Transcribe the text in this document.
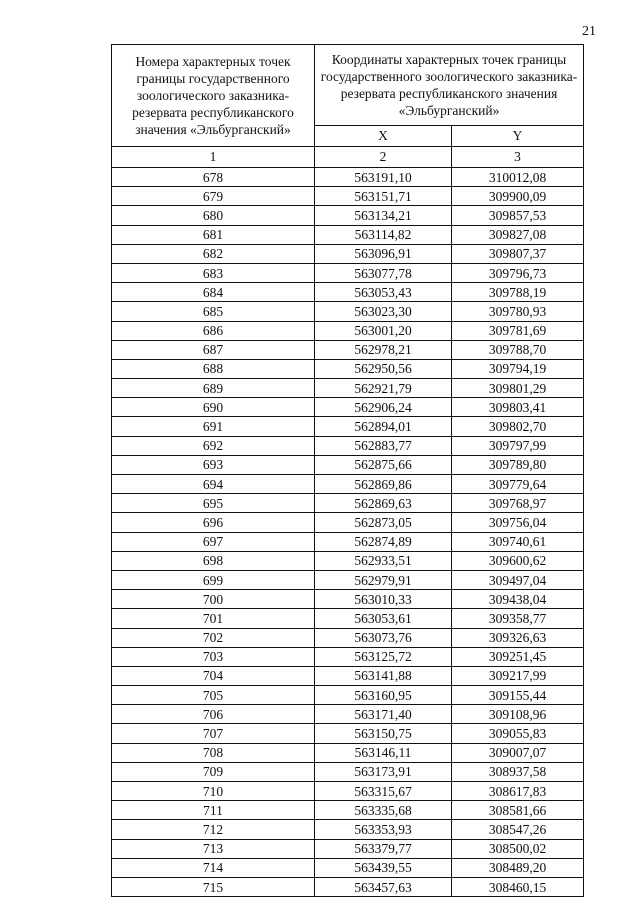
21
Номера характерных точек границы государственного зоологического заказника-резервата республиканского значения «Эльбурганский»	Координаты характерных точек границы государственного зоологического заказника-резервата республиканского значения «Эльбурганский»	
	X	Y
1	2	3
678	563191,10	310012,08
679	563151,71	309900,09
680	563134,21	309857,53
681	563114,82	309827,08
682	563096,91	309807,37
683	563077,78	309796,73
684	563053,43	309788,19
685	563023,30	309780,93
686	563001,20	309781,69
687	562978,21	309788,70
688	562950,56	309794,19
689	562921,79	309801,29
690	562906,24	309803,41
691	562894,01	309802,70
692	562883,77	309797,99
693	562875,66	309789,80
694	562869,86	309779,64
695	562869,63	309768,97
696	562873,05	309756,04
697	562874,89	309740,61
698	562933,51	309600,62
699	562979,91	309497,04
700	563010,33	309438,04
701	563053,61	309358,77
702	563073,76	309326,63
703	563125,72	309251,45
704	563141,88	309217,99
705	563160,95	309155,44
706	563171,40	309108,96
707	563150,75	309055,83
708	563146,11	309007,07
709	563173,91	308937,58
710	563315,67	308617,83
711	563335,68	308581,66
712	563353,93	308547,26
713	563379,77	308500,02
714	563439,55	308489,20
715	563457,63	308460,15
